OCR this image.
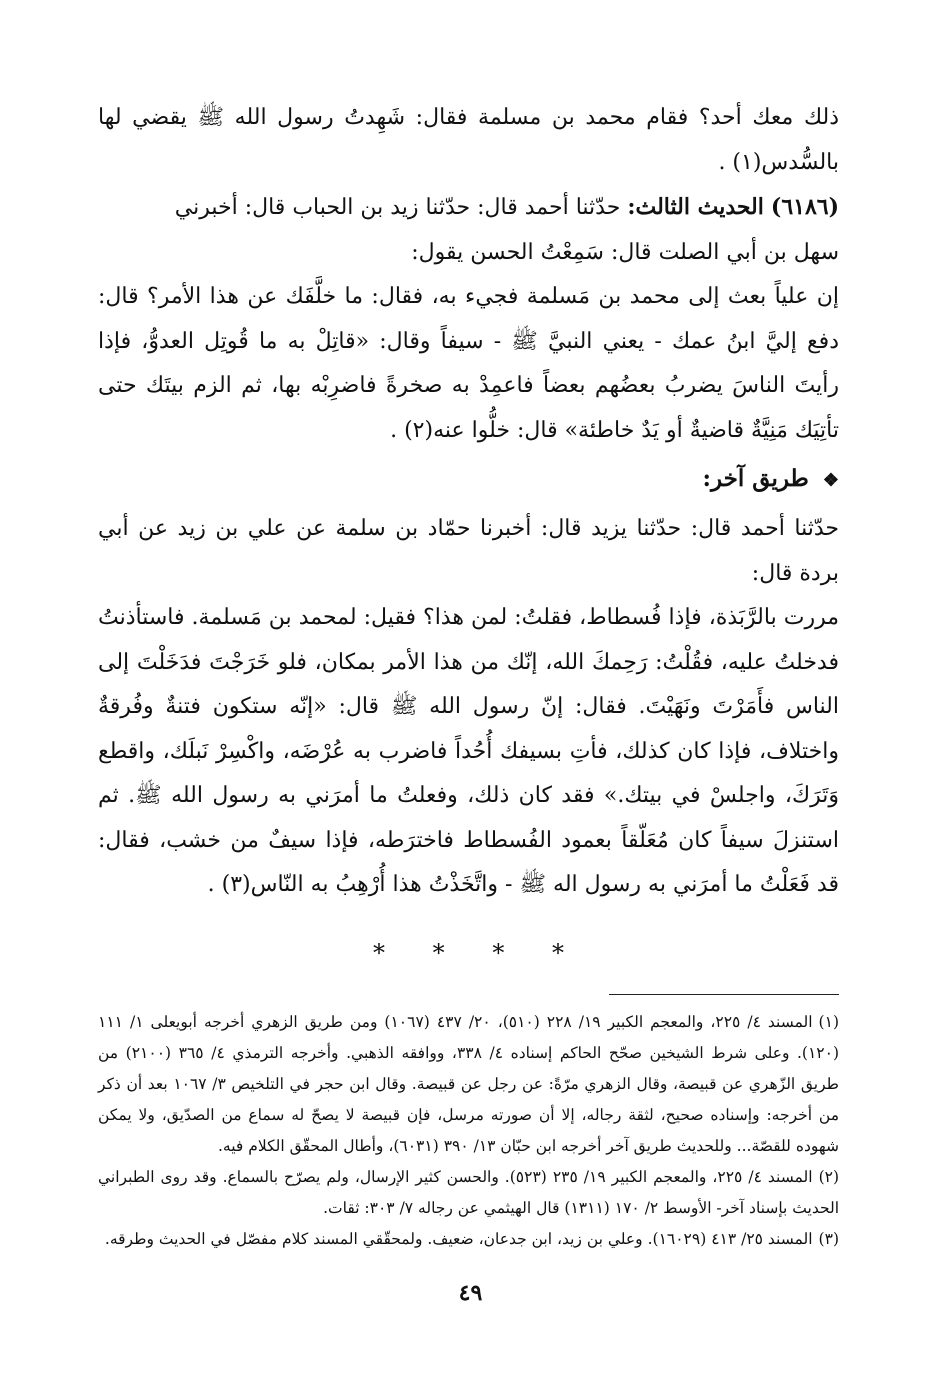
ذلك معك أحد؟ فقام محمد بن مسلمة فقال: شَهِدتُ رسول الله ﷺ يقضي لها بالسُّدس(١) .

(٦١٨٦) الحديث الثالث: حدّثنا أحمد قال: حدّثنا زيد بن الحباب قال: أخبرني

سهل بن أبي الصلت قال: سَمِعْتُ الحسن يقول:

إن علياً بعث إلى محمد بن مَسلمة فجيء به، فقال: ما خلَّفَك عن هذا الأمر؟ قال: دفع إليَّ ابنُ عمك - يعني النبيَّ ﷺ - سيفاً وقال: «قاتِلْ به ما قُوتِل العدوُّ، فإذا رأيتَ الناسَ يضربُ بعضُهم بعضاً فاعمِدْ به صخرةً فاضرِبْه بها، ثم الزم بيتَك حتى تأتِيَك مَنِيَّةٌ قاضيةٌ أو يَدٌ خاطئة» قال: خلُّوا عنه(٢) .

❖ طريق آخر:

حدّثنا أحمد قال: حدّثنا يزيد قال: أخبرنا حمّاد بن سلمة عن علي بن زيد عن أبي بردة قال:

مررت بالرَّبَذة، فإذا فُسطاط، فقلتُ: لمن هذا؟ فقيل: لمحمد بن مَسلمة. فاستأذنتُ فدخلتُ عليه، فقُلْتُ: رَحِمكَ الله، إنّك من هذا الأمر بمكان، فلو خَرَجْتَ فدَخَلْتَ إلى الناس فأَمَرْتَ ونَهَيْتَ. فقال: إنّ رسول الله ﷺ قال: «إنّه ستكون فتنةٌ وفُرقةٌ واختلاف، فإذا كان كذلك، فأتِ بسيفك أُحُداً فاضرب به عُرْضَه، واكْسِرْ نَبلَك، واقطع وَتَرَكَ، واجلسْ في بيتك.» فقد كان ذلك، وفعلتُ ما أمرَني به رسول الله ﷺ. ثم استنزلَ سيفاً كان مُعَلّقاً بعمود الفُسطاط فاخترَطه، فإذا سيفٌ من خشب، فقال: قد فَعَلْتُ ما أمرَني به رسول اله ﷺ - واتَّخَذْتُ هذا أُرْهِبُ به النّاس(٣) .

* * * *

(١)المسند ٤/ ٢٢٥، والمعجم الكبير ١٩/ ٢٢٨ (٥١٠)، ٢٠/ ٤٣٧ (١٠٦٧) ومن طريق الزهري أخرجه أبويعلى ١/ ١١١ (١٢٠). وعلى شرط الشيخين صحّح الحاكم إسناده ٤/ ٣٣٨، ووافقه الذهبي. وأخرجه الترمذي ٤/ ٣٦٥ (٢١٠٠) من طريق الزّهري عن قبيصة، وقال الزهري مرّةً: عن رجل عن قبيصة. وقال ابن حجر في التلخيص ٣/ ١٠٦٧ بعد أن ذكر من أخرجه: وإسناده صحيح، لثقة رجاله، إلا أن صورته مرسل، فإن قبيصة لا يصحّ له سماع من الصدّيق، ولا يمكن شهوده للقصّة... وللحديث طريق آخر أخرجه ابن حبّان ١٣/ ٣٩٠ (٦٠٣١)، وأطال المحقّق الكلام فيه.

(٢)المسند ٤/ ٢٢٥، والمعجم الكبير ١٩/ ٢٣٥ (٥٢٣). والحسن كثير الإرسال، ولم يصرّح بالسماع. وقد روى الطبراني الحديث بإسناد آخر- الأوسط ٢/ ١٧٠ (١٣١١) قال الهيثمي عن رجاله ٧/ ٣٠٣: ثقات.

(٣)المسند ٢٥/ ٤١٣ (١٦٠٢٩). وعلي بن زيد، ابن جدعان، ضعيف. ولمحقّقي المسند كلام مفصّل في الحديث وطرقه.

٤٩
